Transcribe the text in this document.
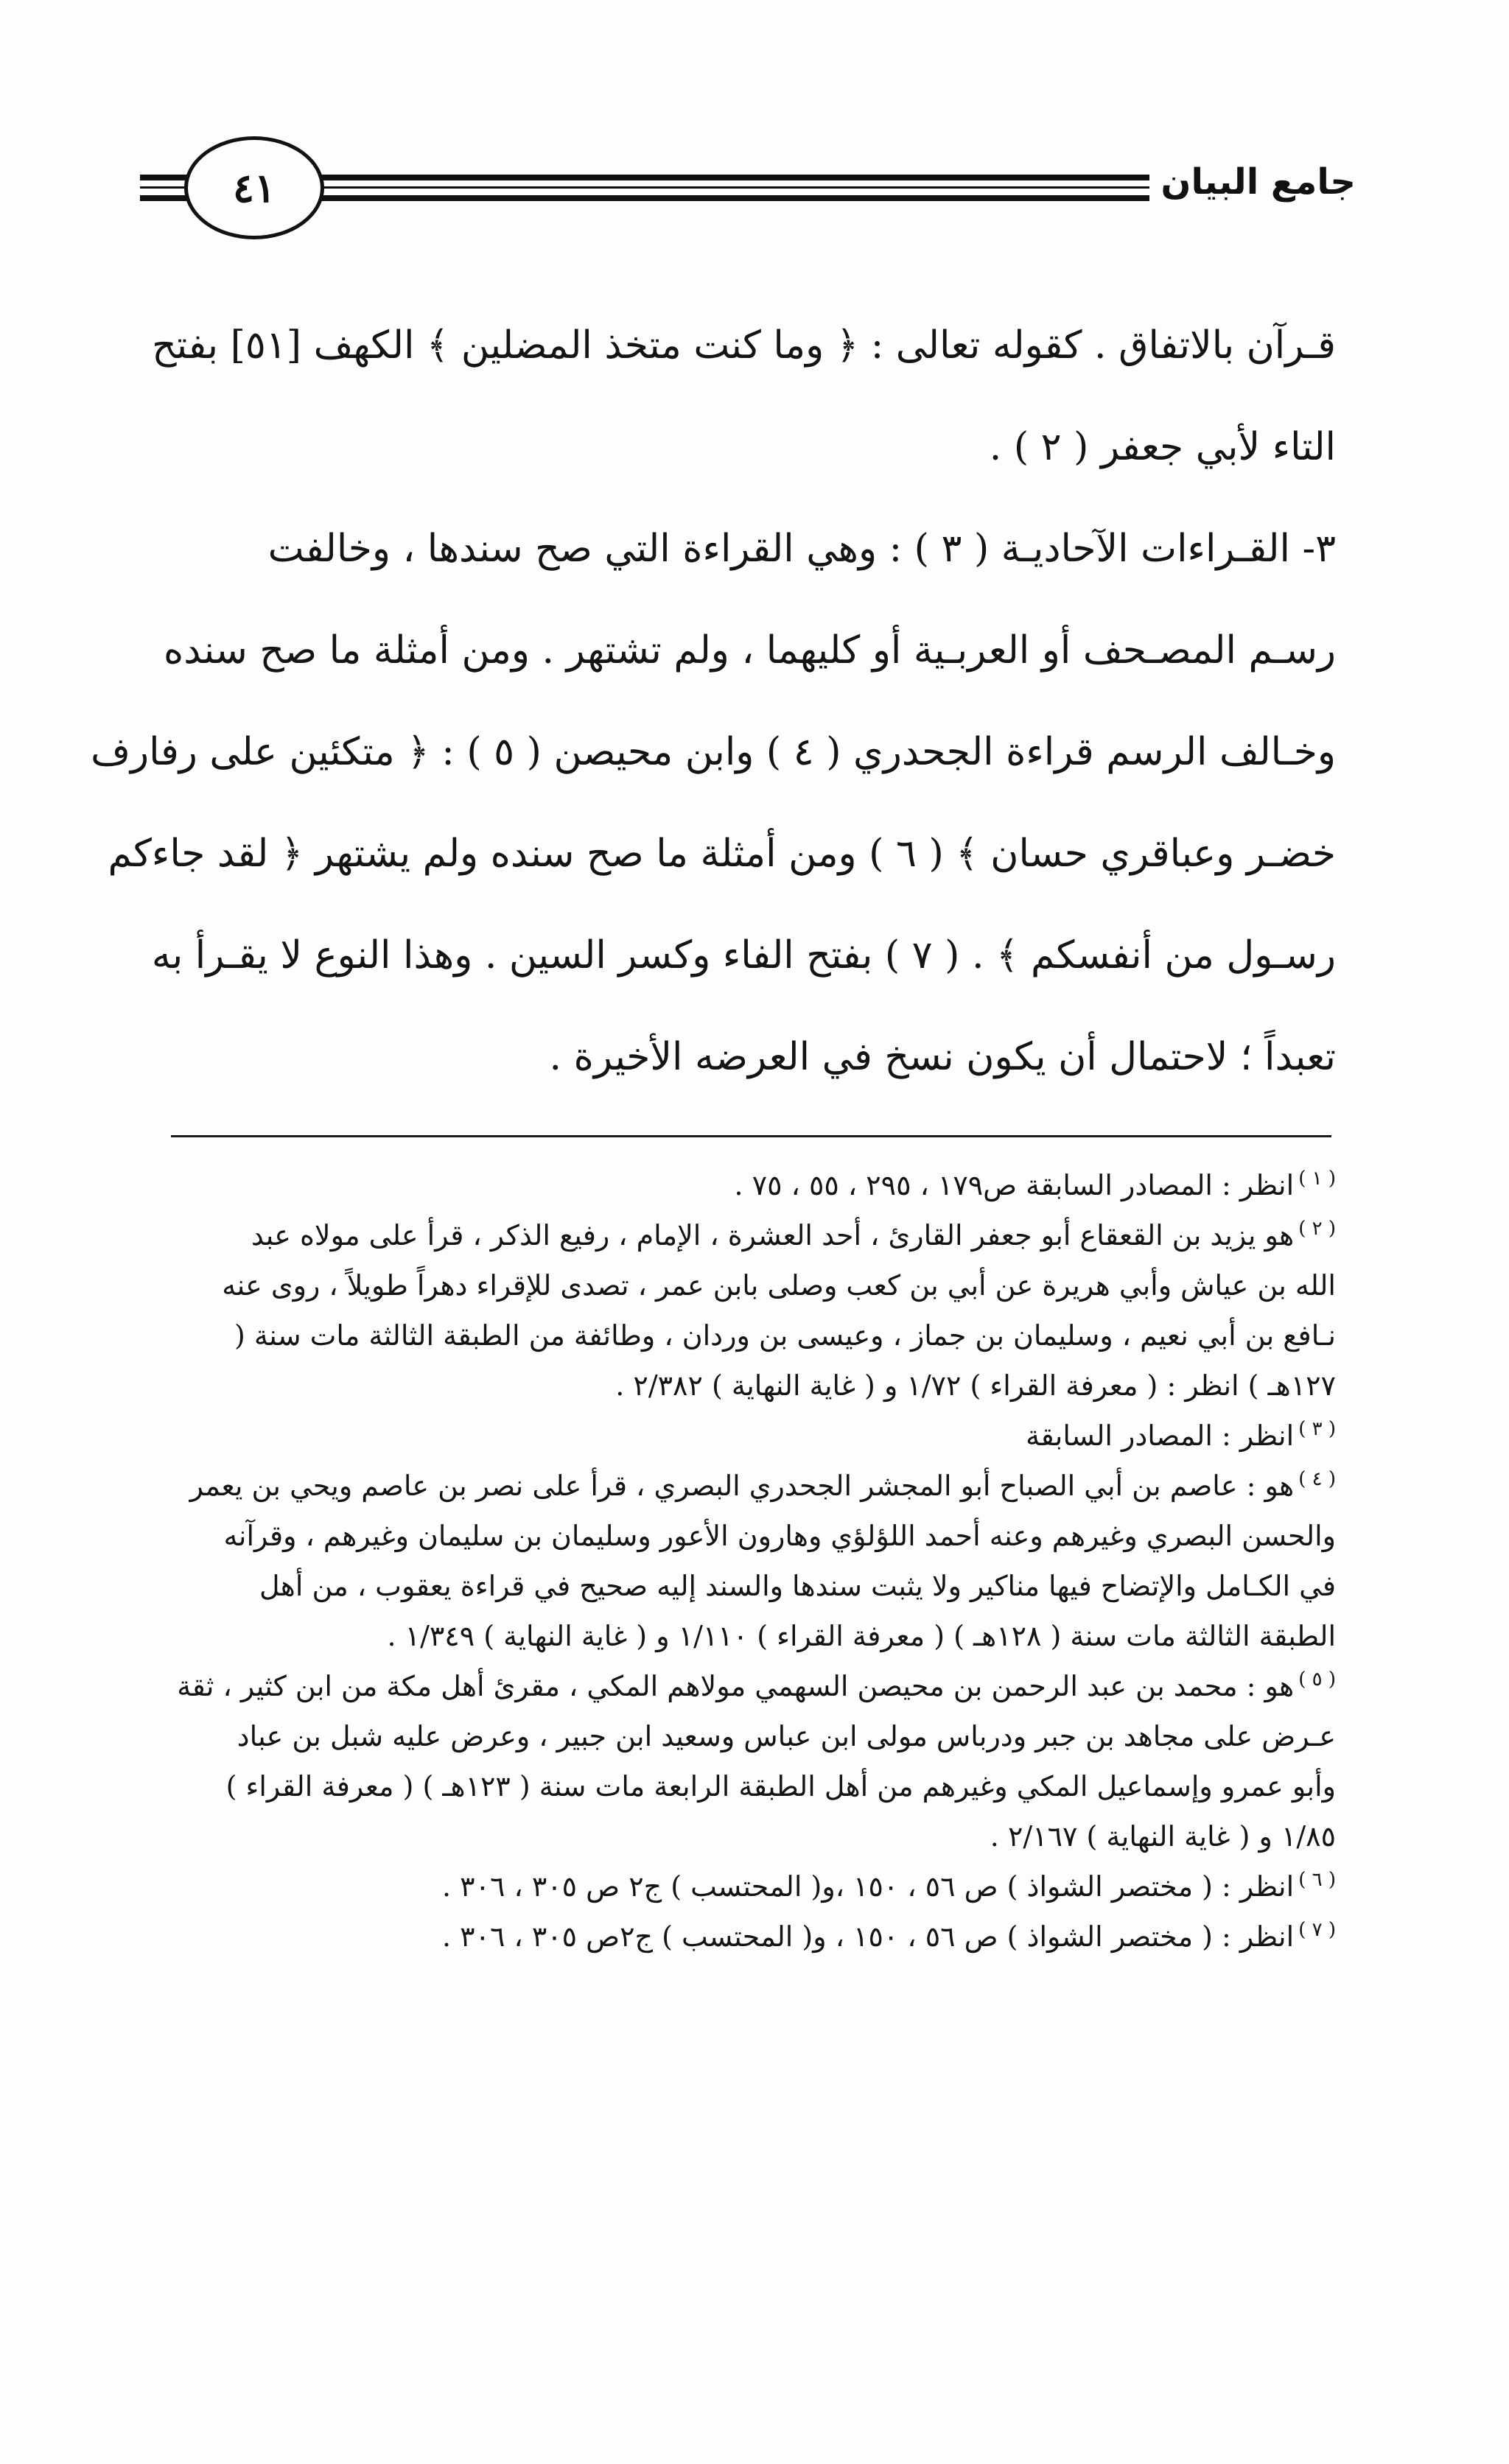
٤١	جامع البيان

قـرآن بالاتفاق . كقوله تعالى : ﴿ وما كنت متخذ المضلين ﴾ الكهف [٥١] بفتح
التاء لأبي جعفر ( ٢ ) .
٣- القـراءات الآحاديـة ( ٣ ) : وهي القراءة التي صح سندها ، وخالفت
رسـم المصـحف أو العربـية أو كليهما ، ولم تشتهر . ومن أمثلة ما صح سنده
وخـالف الرسم قراءة الجحدري ( ٤ ) وابن محيصن ( ٥ ) : ﴿ متكئين على رفارف
خضـر وعباقري حسان ﴾ ( ٦ ) ومن أمثلة ما صح سنده ولم يشتهر ﴿ لقد جاءكم
رسـول من أنفسكم ﴾ . ( ٧ ) بفتح الفاء وكسر السين . وهذا النوع لا يقـرأ به
تعبداً ؛ لاحتمال أن يكون نسخ في العرضه الأخيرة .

$^{( ١ )}$انظر : المصادر السابقة ص١٧٩ ، ٢٩٥ ، ٥٥ ، ٧٥ .
$^{( ٢ )}$هو يزيد بن القعقاع أبو جعفر القارئ ، أحد العشرة ، الإمام ، رفيع الذكر ، قرأ على مولاه عبد
الله بن عياش وأبي هريرة عن أبي بن كعب وصلى بابن عمر ، تصدى للإقراء دهراً طويلاً ، روى عنه
نـافع بن أبي نعيم ، وسليمان بن جماز ، وعيسى بن وردان ، وطائفة من الطبقة الثالثة مات سنة (
١٢٧هـ ) انظر : ( معرفة القراء ) ١/٧٢ و ( غاية النهاية ) ٢/٣٨٢ .
$^{( ٣ )}$انظر : المصادر السابقة
$^{( ٤ )}$هو : عاصم بن أبي الصباح أبو المجشر الجحدري البصري ، قرأ على نصر بن عاصم ويحي بن يعمر
والحسن البصري وغيرهم وعنه أحمد اللؤلؤي وهارون الأعور وسليمان بن سليمان وغيرهم ، وقرآنه
في الكـامل والإتضاح فيها مناكير ولا يثبت سندها والسند إليه صحيح في قراءة يعقوب ، من أهل
الطبقة الثالثة مات سنة ( ١٢٨هـ ) ( معرفة القراء ) ١/١١٠ و ( غاية النهاية ) ١/٣٤٩ .
$^{( ٥ )}$هو : محمد بن عبد الرحمن بن محيصن السهمي مولاهم المكي ، مقرئ أهل مكة من ابن كثير ، ثقة
عـرض على مجاهد بن جبر ودرباس مولى ابن عباس وسعيد ابن جبير ، وعرض عليه شبل بن عباد
وأبو عمرو وإسماعيل المكي وغيرهم من أهل الطبقة الرابعة مات سنة ( ١٢٣هـ ) ( معرفة القراء )
١/٨٥ و ( غاية النهاية ) ٢/١٦٧ .
$^{( ٦ )}$انظر : ( مختصر الشواذ ) ص ٥٦ ، ١٥٠ ،و( المحتسب ) ج٢ ص ٣٠٥ ، ٣٠٦ .
$^{( ٧ )}$انظر : ( مختصر الشواذ ) ص ٥٦ ، ١٥٠ ، و( المحتسب ) ج٢ص ٣٠٥ ، ٣٠٦ .
